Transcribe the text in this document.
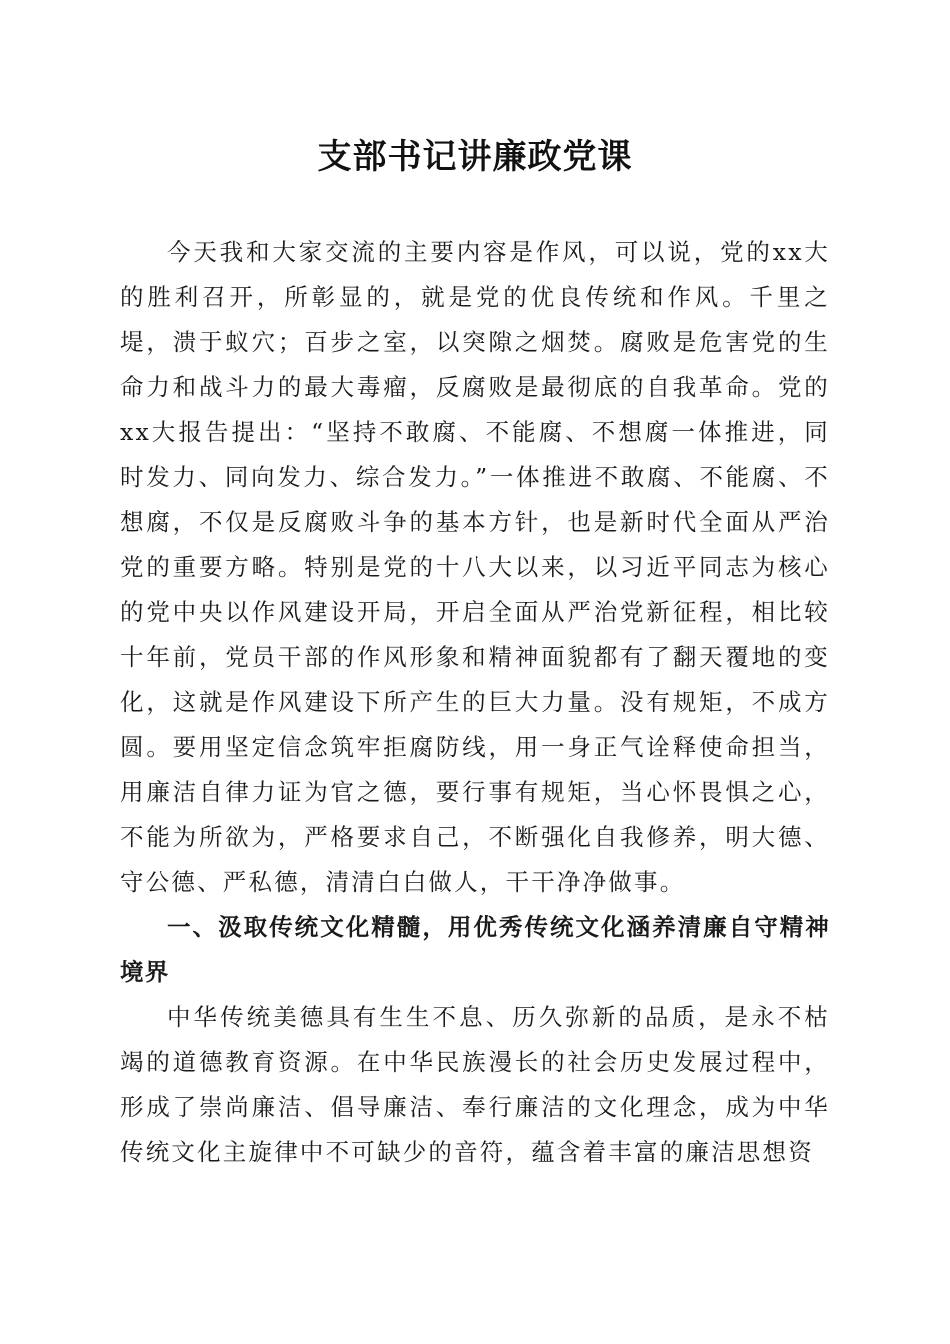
支部书记讲廉政党课

今天我和大家交流的主要内容是作风，可以说，党的xx大的胜利召开，所彰显的，就是党的优良传统和作风。千里之堤，溃于蚁穴；百步之室，以突隙之烟焚。腐败是危害党的生命力和战斗力的最大毒瘤，反腐败是最彻底的自我革命。党的xx大报告提出：“坚持不敢腐、不能腐、不想腐一体推进，同时发力、同向发力、综合发力。”一体推进不敢腐、不能腐、不想腐，不仅是反腐败斗争的基本方针，也是新时代全面从严治党的重要方略。特别是党的十八大以来，以习近平同志为核心的党中央以作风建设开局，开启全面从严治党新征程，相比较十年前，党员干部的作风形象和精神面貌都有了翻天覆地的变化，这就是作风建设下所产生的巨大力量。没有规矩，不成方圆。要用坚定信念筑牢拒腐防线，用一身正气诠释使命担当，用廉洁自律力证为官之德，要行事有规矩，当心怀畏惧之心，不能为所欲为，严格要求自己，不断强化自我修养，明大德、守公德、严私德，清清白白做人，干干净净做事。

一、汲取传统文化精髓，用优秀传统文化涵养清廉自守精神境界

中华传统美德具有生生不息、历久弥新的品质，是永不枯竭的道德教育资源。在中华民族漫长的社会历史发展过程中，形成了崇尚廉洁、倡导廉洁、奉行廉洁的文化理念，成为中华传统文化主旋律中不可缺少的音符，蕴含着丰富的廉洁思想资
